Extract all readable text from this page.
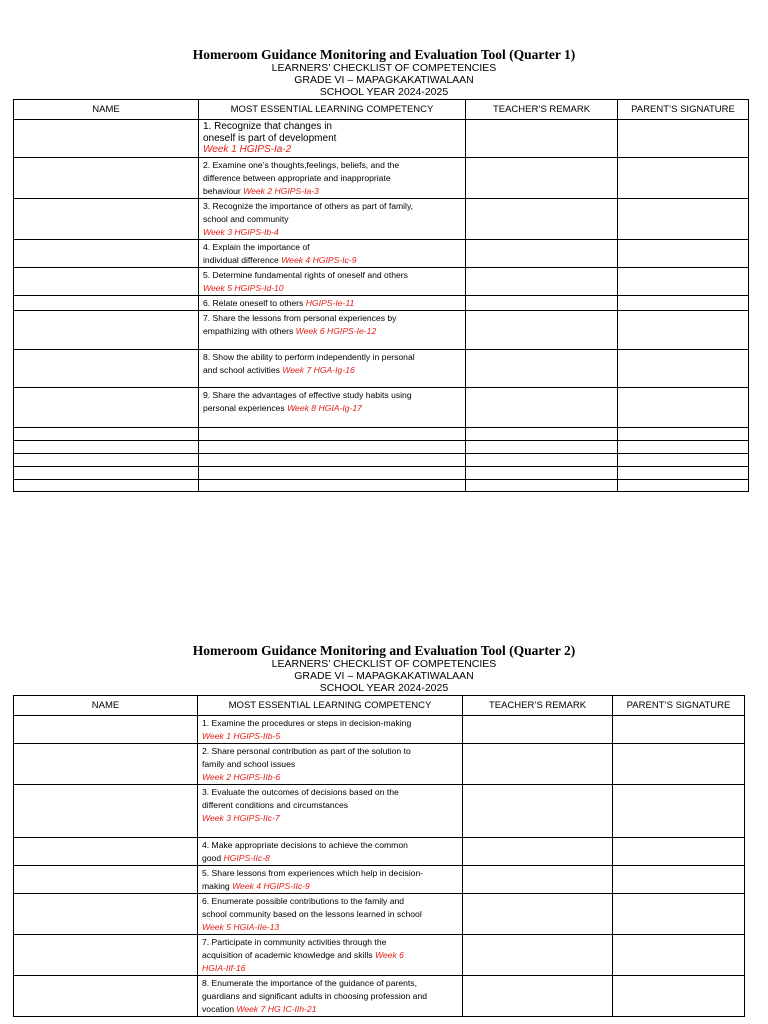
Homeroom Guidance Monitoring and Evaluation Tool (Quarter 1)
LEARNERS’ CHECKLIST OF COMPETENCIES
GRADE VI – MAPAGKAKATIWALAAN
SCHOOL YEAR 2024-2025
NAME	MOST ESSENTIAL LEARNING COMPETENCY	TEACHER’S REMARK	PARENT’S SIGNATURE
	1. Recognize that changes in
oneself is part of development
Week 1 HGIPS-Ia-2		
	2. Examine one’s thoughts,feelings, beliefs, and the
difference between appropriate and inappropriate
behaviour Week 2 HGIPS-Ia-3		
	3. Recognize the importance of others as part of family,
school and community
Week 3 HGIPS-Ib-4		
	4. Explain the importance of
individual difference Week 4 HGIPS-Ic-9		
	5. Determine fundamental rights of oneself and others
Week 5 HGIPS-Id-10		
	6. Relate oneself to others HGIPS-Ie-11		
	7. Share the lessons from personal experiences by
empathizing with others Week 6 HGIPS-Ie-12		
	8. Show the ability to perform independently in personal
and school activities Week 7 HGA-Ig-16		
	9. Share the advantages of effective study habits using
personal experiences Week 8 HGIA-Ig-17		

Homeroom Guidance Monitoring and Evaluation Tool (Quarter 2)
LEARNERS’ CHECKLIST OF COMPETENCIES
GRADE VI – MAPAGKAKATIWALAAN
SCHOOL YEAR 2024-2025
NAME	MOST ESSENTIAL LEARNING COMPETENCY	TEACHER’S REMARK	PARENT’S SIGNATURE
	1. Examine the procedures or steps in decision-making
Week 1 HGIPS-IIb-5		
	2. Share personal contribution as part of the solution to
family and school issues
Week 2 HGIPS-IIb-6		
	3. Evaluate the outcomes of decisions based on the
different conditions and circumstances
Week 3 HGIPS-IIc-7		
	4. Make appropriate decisions to achieve the common
good HGIPS-IIc-8		
	5. Share lessons from experiences which help in decision-
making Week 4 HGIPS-IIc-9		
	6. Enumerate possible contributions to the family and
school community based on the lessons learned in school
Week 5 HGIA-IIe-13		
	7. Participate in community activities through the
acquisition of academic knowledge and skills Week 6
HGIA-IIf-16		
	8. Enumerate the importance of the guidance of parents,
guardians and significant adults in choosing profession and
vocation Week 7 HG IC-IIh-21		
